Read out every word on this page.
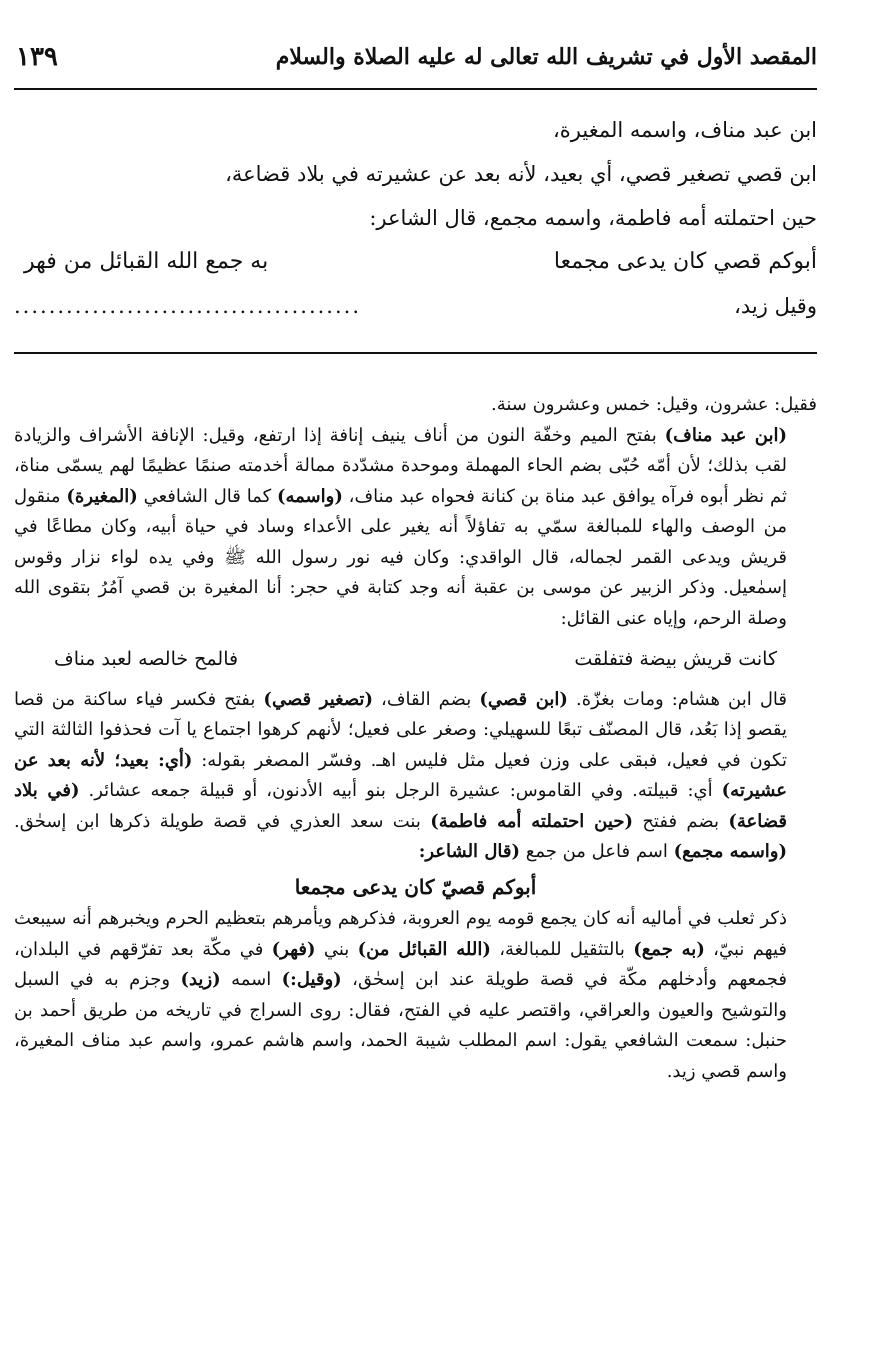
١٣٩	المقصد الأول في تشريف الله تعالى له عليه الصلاة والسلام

ابن عبد مناف، واسمه المغيرة،

ابن قصي تصغير قصي، أي بعيد، لأنه بعد عن عشيرته في بلاد قضاعة،

حين احتملته أمه فاطمة، واسمه مجمع، قال الشاعر:

أبوكم قصي كان يدعى مجمعا
به جمع الله القبائل من فهر
وقيل زيد،
........................................

فقيل: عشرون، وقيل: خمس وعشرون سنة.

(ابن عبد مناف) بفتح الميم وخفّة النون من أناف ينيف إنافة إذا ارتفع، وقيل: الإنافة الأشراف والزيادة لقب بذلك؛ لأن أمّه حُبّى بضم الحاء المهملة وموحدة مشدّدة ممالة أخدمته صنمًا عظيمًا لهم يسمّى مناة، ثم نظر أبوه فرآه يوافق عبد مناة بن كنانة فحواه عبد مناف، (واسمه) كما قال الشافعي (المغيرة) منقول من الوصف والهاء للمبالغة سمّي به تفاؤلاً أنه يغير على الأعداء وساد في حياة أبيه، وكان مطاعًا في قريش ويدعى القمر لجماله، قال الواقدي: وكان فيه نور رسول الله ﷺ وفي يده لواء نزار وقوس إسمٰعيل. وذكر الزبير عن موسى بن عقبة أنه وجد كتابة في حجر: أنا المغيرة بن قصي آمُرُ بتقوى الله وصلة الرحم، وإياه عنى القائل:

كانت قريش بيضة فتفلقت
فالمح خالصه لعبد مناف

قال ابن هشام: ومات بغزّة. (ابن قصي) بضم القاف، (تصغير قصي) بفتح فكسر فياء ساكنة من قصا يقصو إذا بَعُد، قال المصنّف تبعًا للسهيلي: وصغر على فعيل؛ لأنهم كرهوا اجتماع يا آت فحذفوا الثالثة التي تكون في فعيل، فبقى على وزن فعيل مثل فليس اهـ. وفسّر المصغر بقوله: (أي: بعيد؛ لأنه بعد عن عشيرته) أي: قبيلته. وفي القاموس: عشيرة الرجل بنو أبيه الأدنون، أو قبيلة جمعه عشائر. (في بلاد قضاعة) بضم ففتح (حين احتملته أمه فاطمة) بنت سعد العذري في قصة طويلة ذكرها ابن إسحٰق. (واسمه مجمع) اسم فاعل من جمع (قال الشاعر:

أبوكم قصيّ كان يدعى مجمعا

ذكر ثعلب في أماليه أنه كان يجمع قومه يوم العروبة، فذكرهم ويأمرهم بتعظيم الحرم ويخبرهم أنه سيبعث فيهم نبيّ، (به جمع) بالتثقيل للمبالغة، (الله القبائل من) بني (فهر) في مكّة بعد تفرّقهم في البلدان، فجمعهم وأدخلهم مكّة في قصة طويلة عند ابن إسحٰق، (وقيل:) اسمه (زيد) وجزم به في السبل والتوشيح والعيون والعراقي، واقتصر عليه في الفتح، فقال: روى السراج في تاريخه من طريق أحمد بن حنبل: سمعت الشافعي يقول: اسم المطلب شيبة الحمد، واسم هاشم عمرو، واسم عبد مناف المغيرة، واسم قصي زيد.
